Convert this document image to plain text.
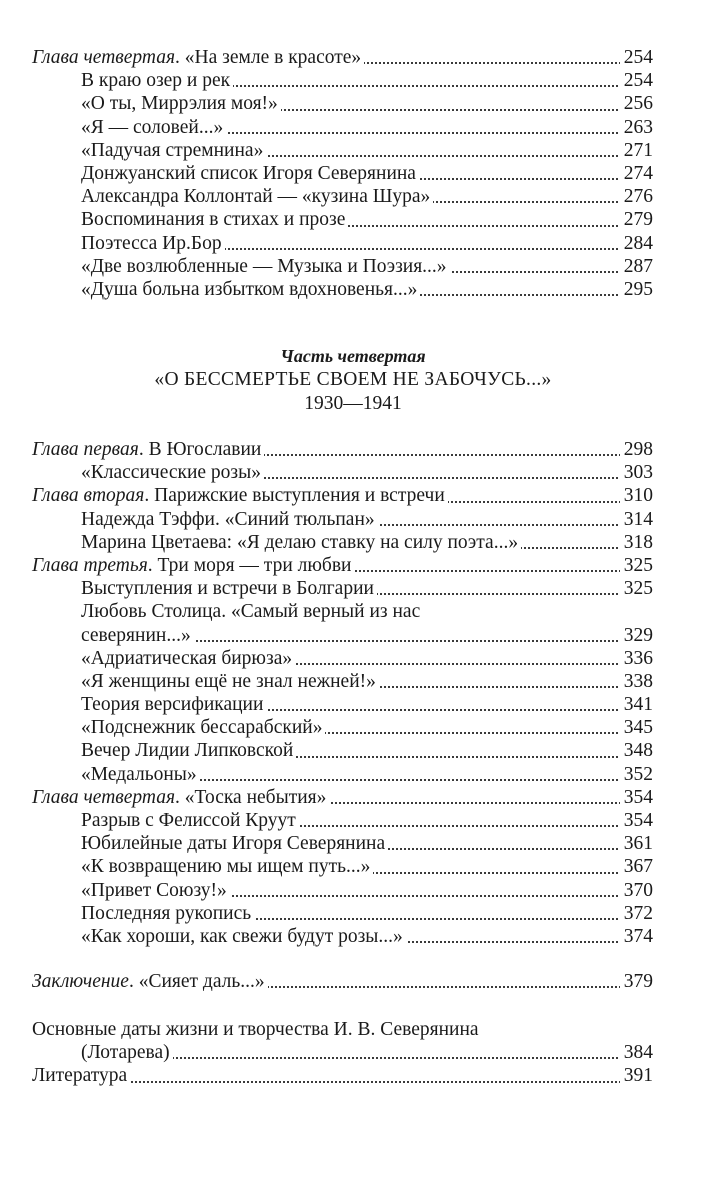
Глава четвертая. «На земле в красоте»	254
В краю озер и рек	254
«О ты, Миррэлия моя!»	256
«Я — соловей...»	263
«Падучая стремнина»	271
Донжуанский список Игоря Северянина	274
Александра Коллонтай — «кузина Шура»	276
Воспоминания в стихах и прозе	279
Поэтесса Ир.Бор	284
«Две возлюбленные — Музыка и Поэзия...»	287
«Душа больна избытком вдохновенья...»	295
Часть четвертая
«О БЕССМЕРТЬЕ СВОЕМ НЕ ЗАБОЧУСЬ...»
1930—1941
Глава первая. В Югославии	298
«Классические розы»	303
Глава вторая. Парижские выступления и встречи	310
Надежда Тэффи. «Синий тюльпан»	314
Марина Цветаева: «Я делаю ставку на силу поэта...»	318
Глава третья. Три моря — три любви	325
Выступления и встречи в Болгарии	325
Любовь Столица. «Самый верный из нас
северянин...»	329
«Адриатическая бирюза»	336
«Я женщины ещё не знал нежней!»	338
Теория версификации	341
«Подснежник бессарабский»	345
Вечер Лидии Липковской	348
«Медальоны»	352
Глава четвертая. «Тоска небытия»	354
Разрыв с Фелиссой Круут	354
Юбилейные даты Игоря Северянина	361
«К возвращению мы ищем путь...»	367
«Привет Союзу!»	370
Последняя рукопись	372
«Как хороши, как свежи будут розы...»	374
Заключение. «Сияет даль...»	379
Основные даты жизни и творчества И. В. Северянина
(Лотарева)	384
Литература	391
